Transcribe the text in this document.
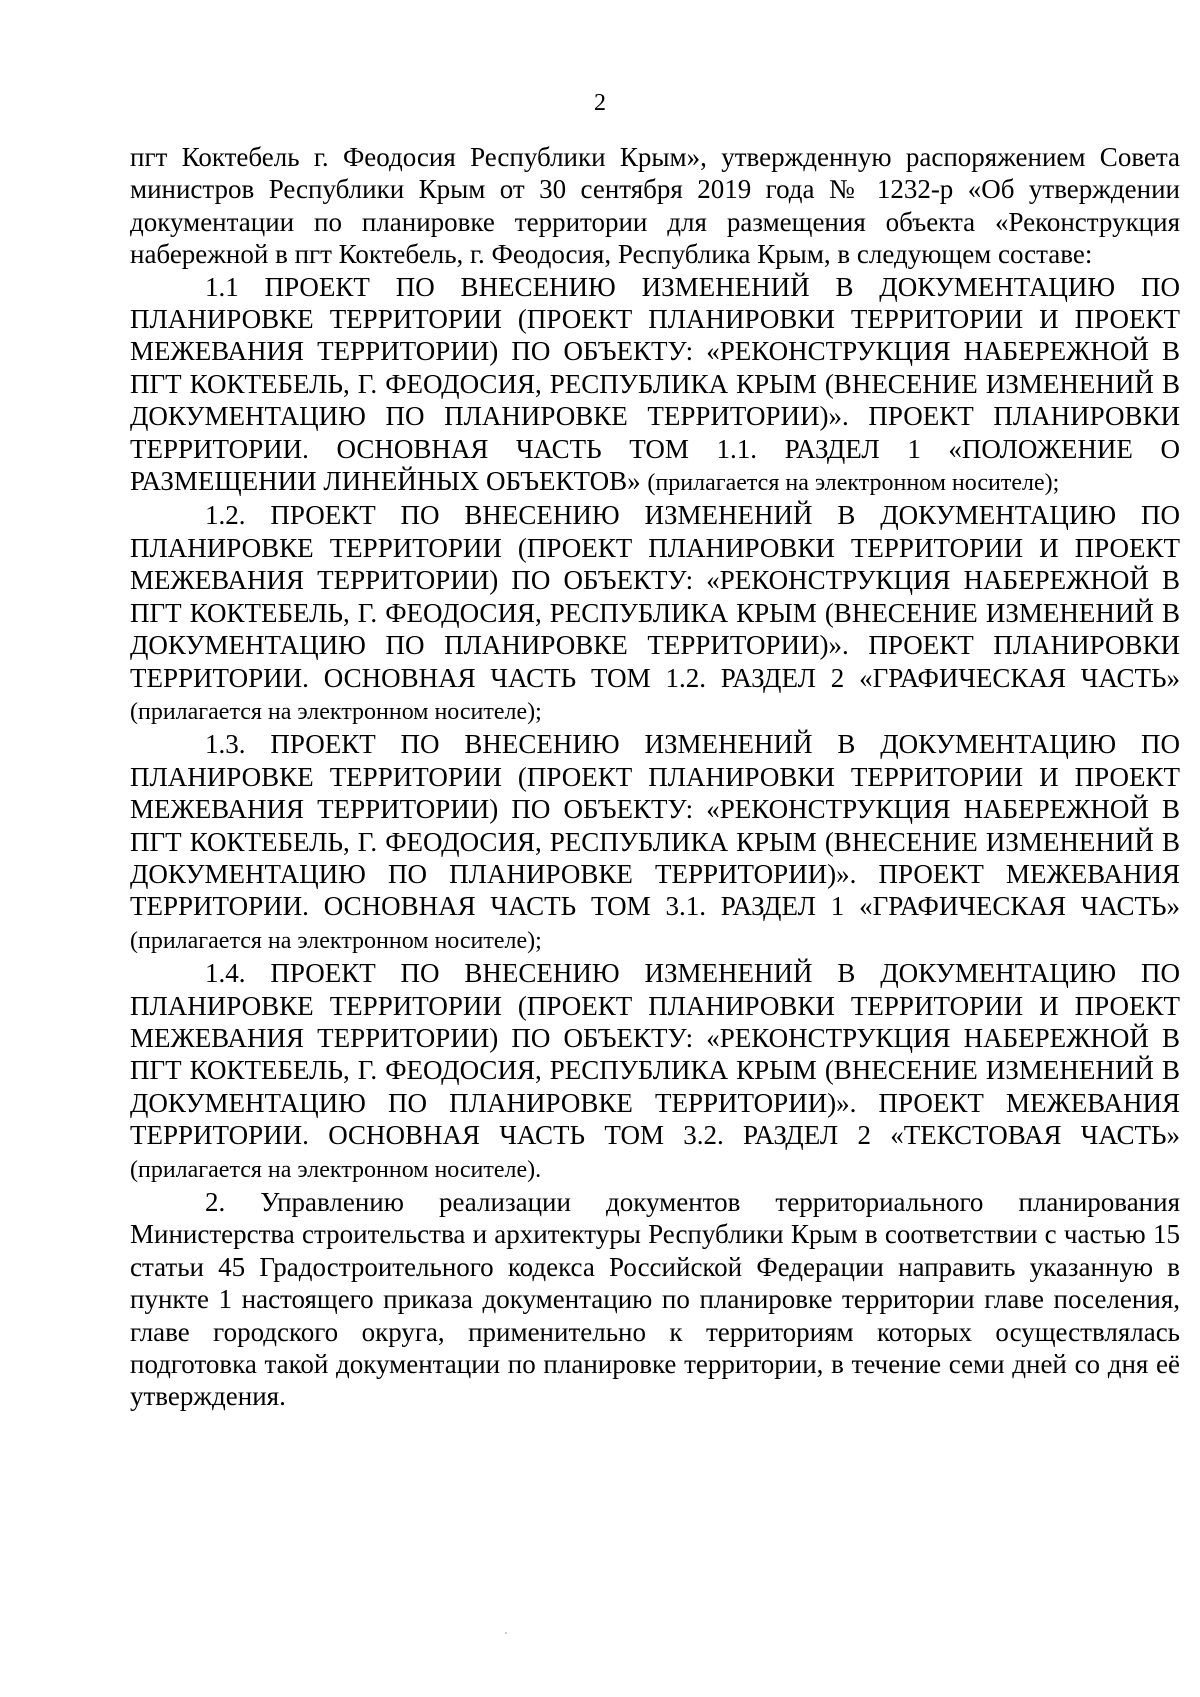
2

пгт Коктебель г. Феодосия Республики Крым», утвержденную распоряжением Совета министров Республики Крым от 30 сентября 2019 года № 1232-р «Об утверждении документации по планировке территории для размещения объекта «Реконструкция набережной в пгт Коктебель, г. Феодосия, Республика Крым, в следующем составе:

1.1 ПРОЕКТ ПО ВНЕСЕНИЮ ИЗМЕНЕНИЙ В ДОКУМЕНТАЦИЮ ПО ПЛАНИРОВКЕ ТЕРРИТОРИИ (ПРОЕКТ ПЛАНИРОВКИ ТЕРРИТОРИИ И ПРОЕКТ МЕЖЕВАНИЯ ТЕРРИТОРИИ) ПО ОБЪЕКТУ: «РЕКОНСТРУКЦИЯ НАБЕРЕЖНОЙ В ПГТ КОКТЕБЕЛЬ, Г. ФЕОДОСИЯ, РЕСПУБЛИКА КРЫМ (ВНЕСЕНИЕ ИЗМЕНЕНИЙ В ДОКУМЕНТАЦИЮ ПО ПЛАНИРОВКЕ ТЕРРИТОРИИ)». ПРОЕКТ ПЛАНИРОВКИ ТЕРРИТОРИИ. ОСНОВНАЯ ЧАСТЬ ТОМ 1.1. РАЗДЕЛ 1 «ПОЛОЖЕНИЕ О РАЗМЕЩЕНИИ ЛИНЕЙНЫХ ОБЪЕКТОВ» (прилагается на электронном носителе);

1.2. ПРОЕКТ ПО ВНЕСЕНИЮ ИЗМЕНЕНИЙ В ДОКУМЕНТАЦИЮ ПО ПЛАНИРОВКЕ ТЕРРИТОРИИ (ПРОЕКТ ПЛАНИРОВКИ ТЕРРИТОРИИ И ПРОЕКТ МЕЖЕВАНИЯ ТЕРРИТОРИИ) ПО ОБЪЕКТУ: «РЕКОНСТРУКЦИЯ НАБЕРЕЖНОЙ В ПГТ КОКТЕБЕЛЬ, Г. ФЕОДОСИЯ, РЕСПУБЛИКА КРЫМ (ВНЕСЕНИЕ ИЗМЕНЕНИЙ В ДОКУМЕНТАЦИЮ ПО ПЛАНИРОВКЕ ТЕРРИТОРИИ)». ПРОЕКТ ПЛАНИРОВКИ ТЕРРИТОРИИ. ОСНОВНАЯ ЧАСТЬ ТОМ 1.2. РАЗДЕЛ 2 «ГРАФИЧЕСКАЯ ЧАСТЬ» (прилагается на электронном носителе);

1.3. ПРОЕКТ ПО ВНЕСЕНИЮ ИЗМЕНЕНИЙ В ДОКУМЕНТАЦИЮ ПО ПЛАНИРОВКЕ ТЕРРИТОРИИ (ПРОЕКТ ПЛАНИРОВКИ ТЕРРИТОРИИ И ПРОЕКТ МЕЖЕВАНИЯ ТЕРРИТОРИИ) ПО ОБЪЕКТУ: «РЕКОНСТРУКЦИЯ НАБЕРЕЖНОЙ В ПГТ КОКТЕБЕЛЬ, Г. ФЕОДОСИЯ, РЕСПУБЛИКА КРЫМ (ВНЕСЕНИЕ ИЗМЕНЕНИЙ В ДОКУМЕНТАЦИЮ ПО ПЛАНИРОВКЕ ТЕРРИТОРИИ)». ПРОЕКТ МЕЖЕВАНИЯ ТЕРРИТОРИИ. ОСНОВНАЯ ЧАСТЬ ТОМ 3.1. РАЗДЕЛ 1 «ГРАФИЧЕСКАЯ ЧАСТЬ» (прилагается на электронном носителе);

1.4. ПРОЕКТ ПО ВНЕСЕНИЮ ИЗМЕНЕНИЙ В ДОКУМЕНТАЦИЮ ПО ПЛАНИРОВКЕ ТЕРРИТОРИИ (ПРОЕКТ ПЛАНИРОВКИ ТЕРРИТОРИИ И ПРОЕКТ МЕЖЕВАНИЯ ТЕРРИТОРИИ) ПО ОБЪЕКТУ: «РЕКОНСТРУКЦИЯ НАБЕРЕЖНОЙ В ПГТ КОКТЕБЕЛЬ, Г. ФЕОДОСИЯ, РЕСПУБЛИКА КРЫМ (ВНЕСЕНИЕ ИЗМЕНЕНИЙ В ДОКУМЕНТАЦИЮ ПО ПЛАНИРОВКЕ ТЕРРИТОРИИ)». ПРОЕКТ МЕЖЕВАНИЯ ТЕРРИТОРИИ. ОСНОВНАЯ ЧАСТЬ ТОМ 3.2. РАЗДЕЛ 2 «ТЕКСТОВАЯ ЧАСТЬ» (прилагается на электронном носителе).

2. Управлению реализации документов территориального планирования Министерства строительства и архитектуры Республики Крым в соответствии с частью 15 статьи 45 Градостроительного кодекса Российской Федерации направить указанную в пункте 1 настоящего приказа документацию по планировке территории главе поселения, главе городского округа, применительно к территориям которых осуществлялась подготовка такой документации по планировке территории, в течение семи дней со дня её утверждения.
